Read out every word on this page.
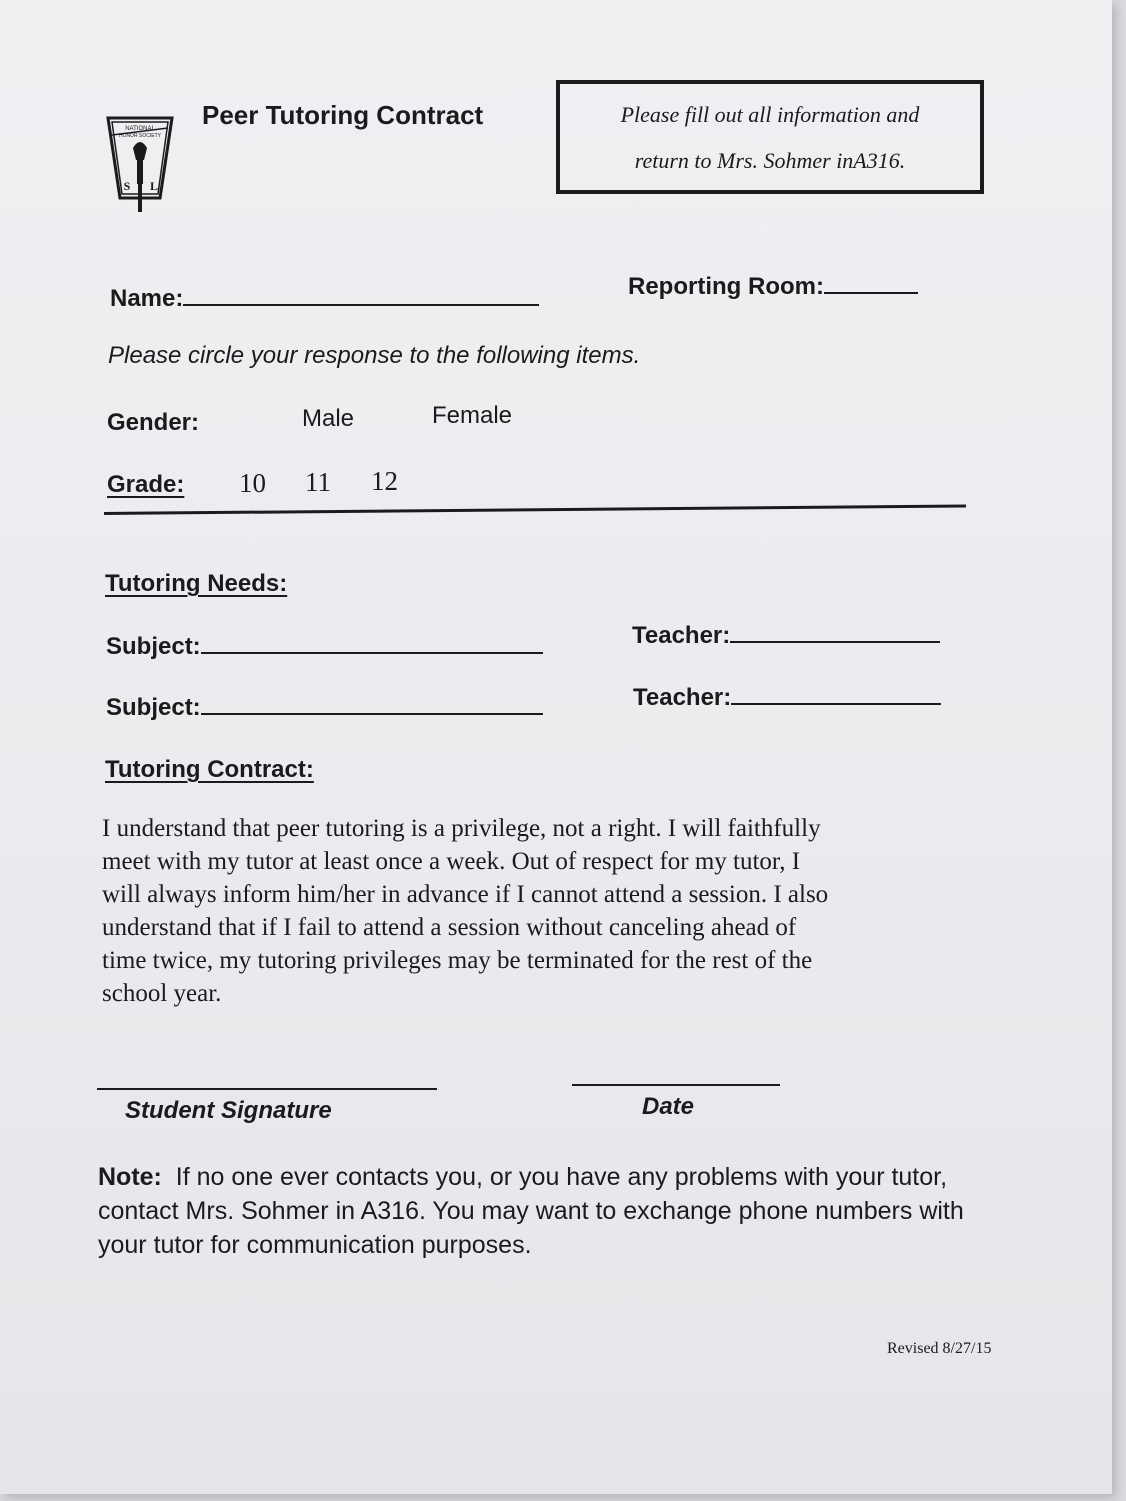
NATIONAL
HONOR SOCIETY
S L
Peer Tutoring Contract	Please fill out all information and
return to Mrs. Sohmer inA316.
Name:	Reporting Room:
Please circle your response to the following items.
Gender:	Male	Female
Grade: 10 11 12
Tutoring Needs:
Subject:	Teacher:
Subject:	Teacher:
Tutoring Contract:
I understand that peer tutoring is a privilege, not a right. I will faithfully
meet with my tutor at least once a week. Out of respect for my tutor, I
will always inform him/her in advance if I cannot attend a session. I also
understand that if I fail to attend a session without canceling ahead of
time twice, my tutoring privileges may be terminated for the rest of the
school year.
Student Signature	Date
Note: If no one ever contacts you, or you have any problems with your tutor, contact Mrs. Sohmer in A316. You may want to exchange phone numbers with your tutor for communication purposes.
Revised 8/27/15
